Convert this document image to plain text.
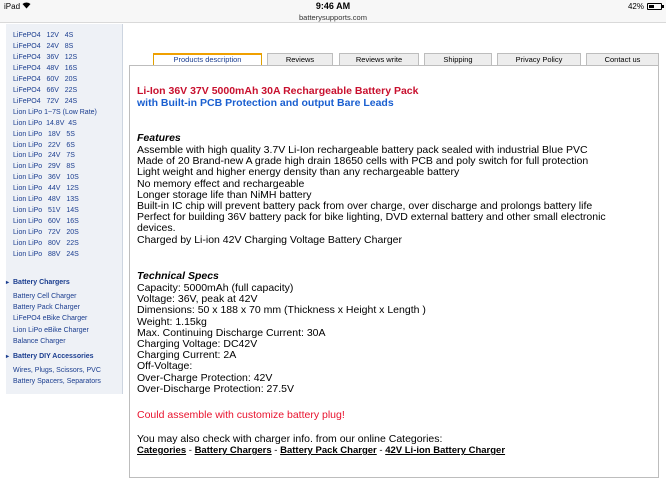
iPad	9:46 AM	42%
batterysupports.com
LiFePO4   12V   4S
LiFePO4   24V   8S
LiFePO4   36V   12S
LiFePO4   48V   16S
LiFePO4   60V   20S
LiFePO4   66V   22S
LiFePO4   72V   24S
Lion LiPo 1~7S (Low Rate)
Lion LiPo  14.8V  4S
Lion LiPo   18V   5S
Lion LiPo   22V   6S
Lion LiPo   24V   7S
Lion LiPo   29V   8S
Lion LiPo   36V   10S
Lion LiPo   44V   12S
Lion LiPo   48V   13S
Lion LiPo   51V   14S
Lion LiPo   60V   16S
Lion LiPo   72V   20S
Lion LiPo   80V   22S
Lion LiPo   88V   24S
▸ Battery Chargers
Battery Cell Charger
Battery Pack Charger
LiFePO4 eBike Charger
Lion LiPo eBike Charger
Balance Charger
▸ Battery DIY Accessories
Wires, Plugs, Scissors, PVC
Battery Spacers, Separators
Products description	Reviews	Reviews write	Shipping	Privacy Policy	Contact us
Li-Ion 36V 37V 5000mAh 30A Rechargeable Battery Pack
with Built-in PCB Protection and output Bare Leads
Features
Assemble with high quality 3.7V Li-Ion rechargeable battery pack sealed with industrial Blue PVC
Made of 20 Brand-new A grade high drain 18650 cells with PCB and poly switch for full protection
Light weight and higher energy density than any rechargeable battery
No memory effect and rechargeable
Longer storage life than NiMH battery
Built-in IC chip will prevent battery pack from over charge, over discharge and prolongs battery life
Perfect for building 36V battery pack for bike lighting, DVD external battery and other small electronic
devices.
Charged by Li-ion 42V Charging Voltage Battery Charger
Technical Specs
Capacity: 5000mAh (full capacity)
Voltage: 36V, peak at 42V
Dimensions: 50 x 188 x 70 mm (Thickness x Height x Length )
Weight: 1.15kg
Max. Continuing Discharge Current: 30A
Charging Voltage: DC42V
Charging Current: 2A
Off-Voltage:
Over-Charge Protection: 42V
Over-Discharge Protection: 27.5V
Could assemble with customize battery plug!
You may also check with charger info. from our online Categories:
Categories - Battery Chargers - Battery Pack Charger - 42V Li-ion Battery Charger
